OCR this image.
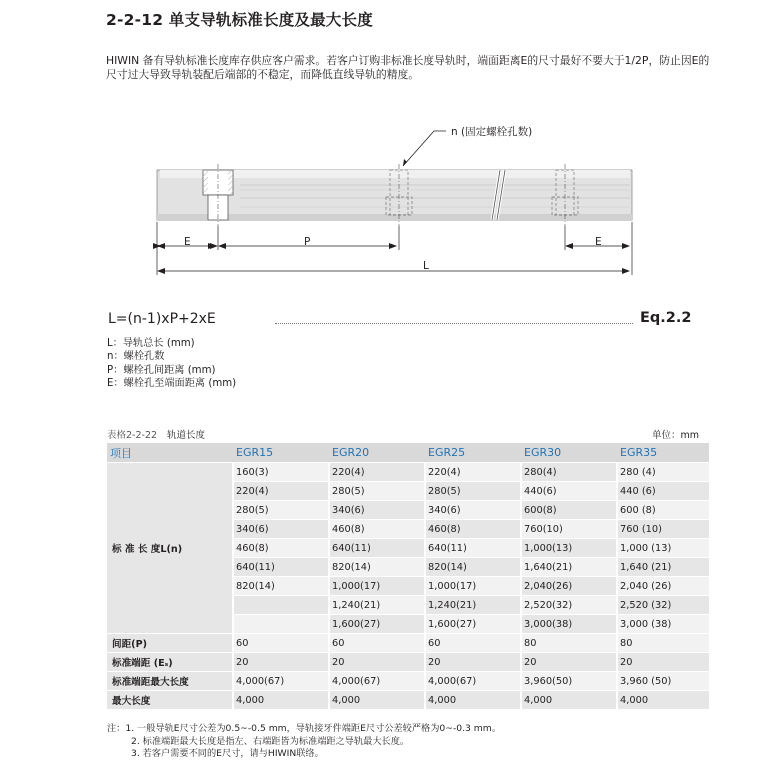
2-2-12 单支导轨标准长度及最大长度
HIWIN 备有导轨标准长度库存供应客户需求。若客户订购非标准长度导轨时，端面距离E的尺寸最好不要大于1/2P，防止因E的尺寸过大导致导轨装配后端部的不稳定，而降低直线导轨的精度。
n (固定螺栓孔数)
E	P	E
L
L=(n-1)xP+2xE	Eq.2.2
L：导轨总长 (mm)
n：螺栓孔数
P：螺栓孔间距离 (mm)
E：螺栓孔至端面距离 (mm)
表格2-2-22 轨道长度	单位：mm
项目	EGR15	EGR20	EGR25	EGR30	EGR35
标 准 长 度L(n)	160(3)	220(4)	220(4)	280(4)	280 (4)
	220(4)	280(5)	280(5)	440(6)	440 (6)
	280(5)	340(6)	340(6)	600(8)	600 (8)
	340(6)	460(8)	460(8)	760(10)	760 (10)
	460(8)	640(11)	640(11)	1,000(13)	1,000 (13)
	640(11)	820(14)	820(14)	1,640(21)	1,640 (21)
	820(14)	1,000(17)	1,000(17)	2,040(26)	2,040 (26)
		1,240(21)	1,240(21)	2,520(32)	2,520 (32)
		1,600(27)	1,600(27)	3,000(38)	3,000 (38)
间距(P)	60	60	60	80	80
标准端距 (Eₛ)	20	20	20	20	20
标准端距最大长度	4,000(67)	4,000(67)	4,000(67)	3,960(50)	3,960 (50)
最大长度	4,000	4,000	4,000	4,000	4,000
注：1. 一般导轨E尺寸公差为0.5~-0.5 mm，导轨接牙件端距E尺寸公差较严格为0~-0.3 mm。
2. 标准端距最大长度是指左、右端距皆为标准端距之导轨最大长度。
3. 若客户需要不同的E尺寸，请与HIWIN联络。
